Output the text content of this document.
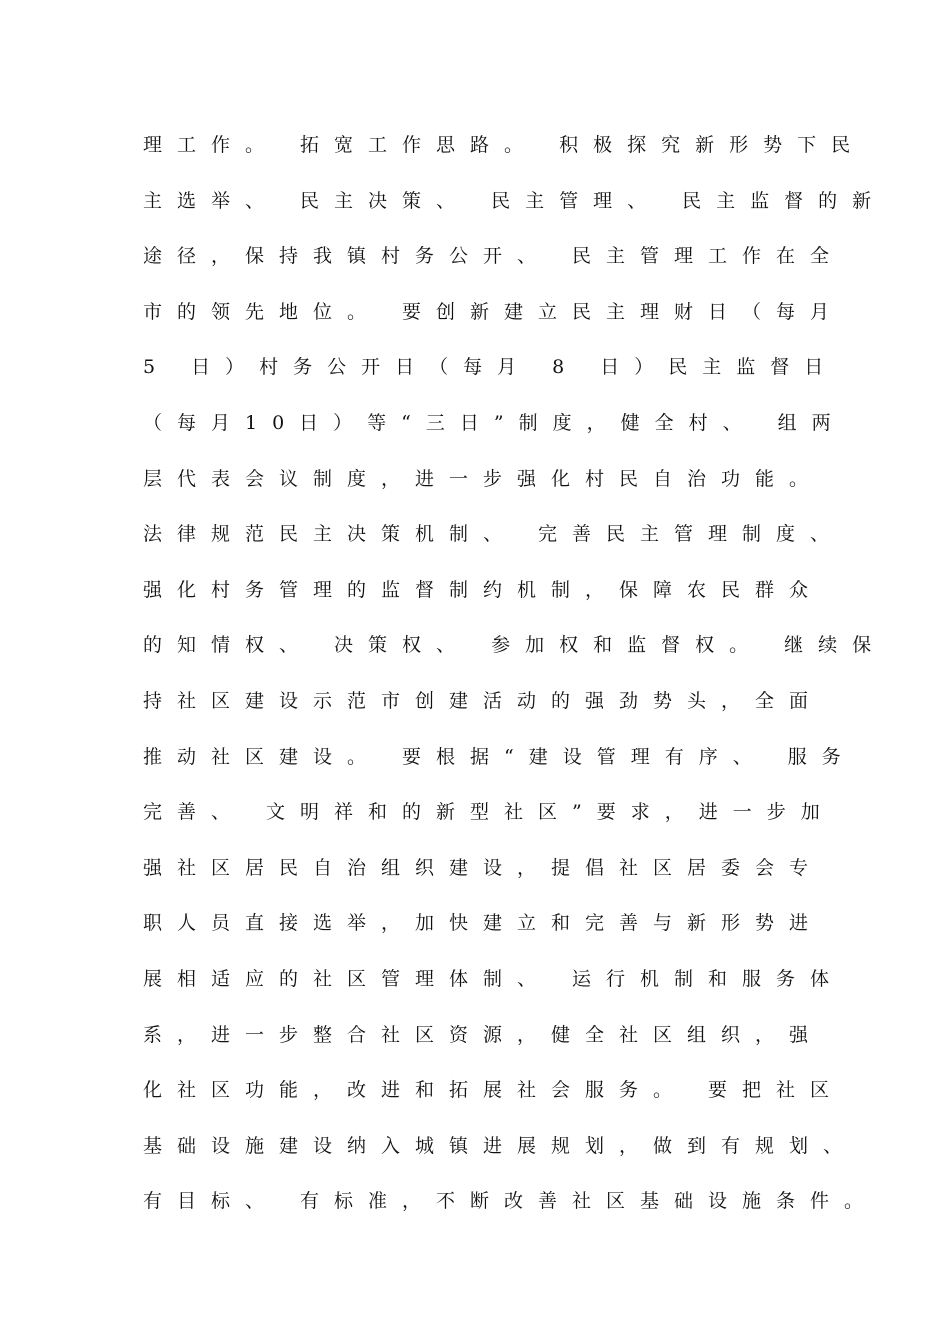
理工作。 拓宽工作思路。 积极探究新形势下民
主选举、 民主决策、 民主管理、 民主监督的新
途径，保持我镇村务公开、 民主管理工作在全
市的领先地位。 要创新建立民主理财日（每月
5 日）村务公开日（每月 8 日）民主监督日
（每月10日）等“三日”制度，健全村、 组两
层代表会议制度，进一步强化村民自治功能。
法律规范民主决策机制、 完善民主管理制度、
强化村务管理的监督制约机制，保障农民群众
的知情权、 决策权、 参加权和监督权。 继续保
持社区建设示范市创建活动的强劲势头，全面
推动社区建设。 要根据“建设管理有序、 服务
完善、 文明祥和的新型社区”要求，进一步加
强社区居民自治组织建设，提倡社区居委会专
职人员直接选举，加快建立和完善与新形势进
展相适应的社区管理体制、 运行机制和服务体
系，进一步整合社区资源，健全社区组织，强
化社区功能，改进和拓展社会服务。 要把社区
基础设施建设纳入城镇进展规划，做到有规划、
有目标、 有标准，不断改善社区基础设施条件。
